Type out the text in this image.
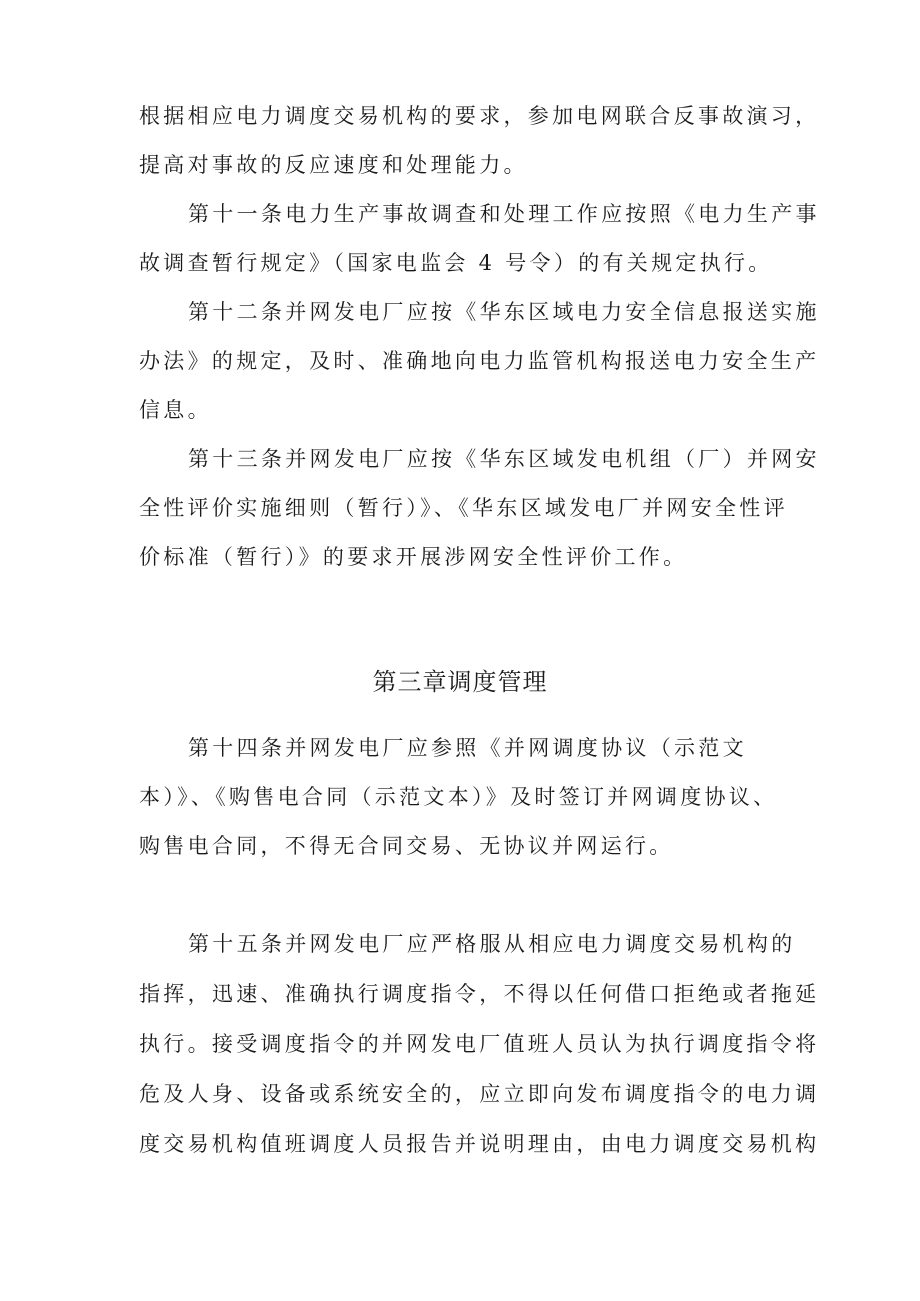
根据相应电力调度交易机构的要求，参加电网联合反事故演习，
提高对事故的反应速度和处理能力。
第十一条电力生产事故调查和处理工作应按照《电力生产事
故调查暂行规定》（国家电监会 4 号令）的有关规定执行。
第十二条并网发电厂应按《华东区域电力安全信息报送实施
办法》的规定，及时、准确地向电力监管机构报送电力安全生产
信息。
第十三条并网发电厂应按《华东区域发电机组（厂）并网安
全性评价实施细则（暂行）》、《华东区域发电厂并网安全性评
价标准（暂行）》的要求开展涉网安全性评价工作。
第三章调度管理
第十四条并网发电厂应参照《并网调度协议（示范文
本）》、《购售电合同（示范文本）》及时签订并网调度协议、
购售电合同，不得无合同交易、无协议并网运行。
第十五条并网发电厂应严格服从相应电力调度交易机构的
指挥，迅速、准确执行调度指令，不得以任何借口拒绝或者拖延
执行。接受调度指令的并网发电厂值班人员认为执行调度指令将
危及人身、设备或系统安全的，应立即向发布调度指令的电力调
度交易机构值班调度人员报告并说明理由，由电力调度交易机构
